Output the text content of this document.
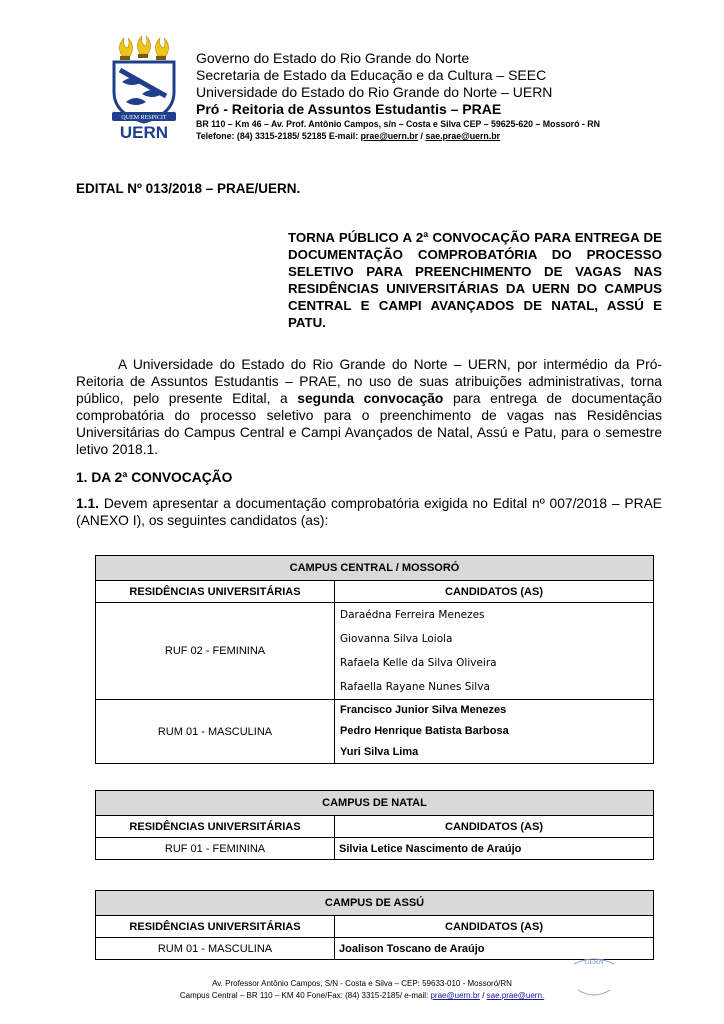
QUEM RESPICIT
UERN
Governo do Estado do Rio Grande do Norte
Secretaria de Estado da Educação e da Cultura – SEEC
Universidade do Estado do Rio Grande do Norte – UERN
Pró - Reitoria de Assuntos Estudantis – PRAE
BR 110 – Km 46 – Av. Prof. Antônio Campos, s/n – Costa e Silva CEP – 59625-620 – Mossoró - RN
Telefone: (84) 3315-2185/ 52185 E-mail: prae@uern.br / sae.prae@uern.br
EDITAL Nº 013/2018 – PRAE/UERN.
TORNA PÚBLICO A 2ª CONVOCAÇÃO PARA ENTREGA DE DOCUMENTAÇÃO COMPROBATÓRIA DO PROCESSO SELETIVO PARA PREENCHIMENTO DE VAGAS NAS RESIDÊNCIAS UNIVERSITÁRIAS DA UERN DO CAMPUS CENTRAL E CAMPI AVANÇADOS DE NATAL, ASSÚ E PATU.
A Universidade do Estado do Rio Grande do Norte – UERN, por intermédio da Pró-Reitoria de Assuntos Estudantis – PRAE, no uso de suas atribuições administrativas, torna público, pelo presente Edital, a segunda convocação para entrega de documentação comprobatória do processo seletivo para o preenchimento de vagas nas Residências Universitárias do Campus Central e Campi Avançados de Natal, Assú e Patu, para o semestre letivo 2018.1.
1. DA 2ª CONVOCAÇÃO
1.1. Devem apresentar a documentação comprobatória exigida no Edital nº 007/2018 – PRAE (ANEXO I), os seguintes candidatos (as):
CAMPUS CENTRAL / MOSSORÓ	
RESIDÊNCIAS UNIVERSITÁRIAS	CANDIDATOS (AS)
RUF 02 - FEMININA	Daraédna Ferreira Menezes
Giovanna Silva Loiola
Rafaela Kelle da Silva Oliveira
Rafaella Rayane Nunes Silva

RUM 01 - MASCULINA	Francisco Junior Silva Menezes
Pedro Henrique Batista Barbosa
Yuri Silva Lima
CAMPUS DE NATAL	
RESIDÊNCIAS UNIVERSITÁRIAS	CANDIDATOS (AS)
RUF 01 - FEMININA	Silvia Letice Nascimento de Araújo
CAMPUS DE ASSÚ	
RESIDÊNCIAS UNIVERSITÁRIAS	CANDIDATOS (AS)
RUM 01 - MASCULINA	Joalison Toscano de Araújo
UERN
Av. Professor Antônio Campos, S/N - Costa e Silva – CEP: 59633-010 - Mossoró/RN
Campus Central – BR 110 – KM 40 Fone/Fax: (84) 3315-2185/ e-mail: prae@uern.br / sae.prae@uern.
